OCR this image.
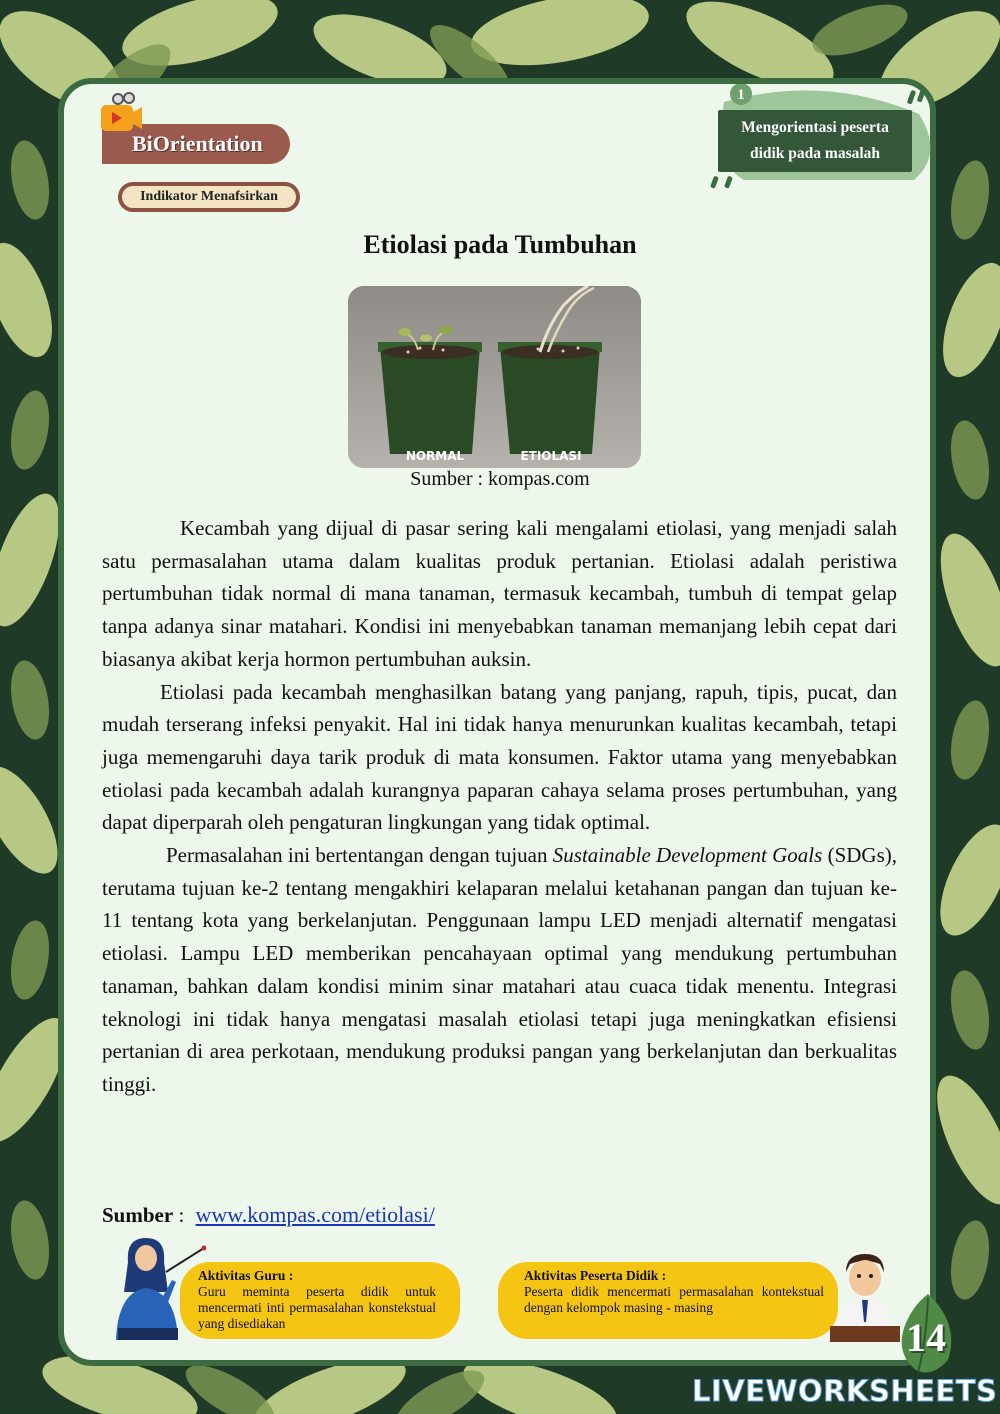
BiOrientation
Indikator Menafsirkan
1
Mengorientasi peserta
didik pada masalah
Etiolasi pada Tumbuhan
NORMAL	ETIOLASI
Sumber : kompas.com

Kecambah yang dijual di pasar sering kali mengalami etiolasi, yang menjadi salah satu permasalahan utama dalam kualitas produk pertanian. Etiolasi adalah peristiwa pertumbuhan tidak normal di mana tanaman, termasuk kecambah, tumbuh di tempat gelap tanpa adanya sinar matahari. Kondisi ini menyebabkan tanaman memanjang lebih cepat dari biasanya akibat kerja hormon pertumbuhan auksin.

Etiolasi pada kecambah menghasilkan batang yang panjang, rapuh, tipis, pucat, dan mudah terserang infeksi penyakit. Hal ini tidak hanya menurunkan kualitas kecambah, tetapi juga memengaruhi daya tarik produk di mata konsumen. Faktor utama yang menyebabkan etiolasi pada kecambah adalah kurangnya paparan cahaya selama proses pertumbuhan, yang dapat diperparah oleh pengaturan lingkungan yang tidak optimal.

Permasalahan ini bertentangan dengan tujuan Sustainable Development Goals (SDGs), terutama tujuan ke-2 tentang mengakhiri kelaparan melalui ketahanan pangan dan tujuan ke-11 tentang kota yang berkelanjutan. Penggunaan lampu LED menjadi alternatif mengatasi etiolasi. Lampu LED memberikan pencahayaan optimal yang mendukung pertumbuhan tanaman, bahkan dalam kondisi minim sinar matahari atau cuaca tidak menentu. Integrasi teknologi ini tidak hanya mengatasi masalah etiolasi tetapi juga meningkatkan efisiensi pertanian di area perkotaan, mendukung produksi pangan yang berkelanjutan dan berkualitas tinggi.

Sumber : www.kompas.com/etiolasi/
Aktivitas Guru :
Guru meminta peserta didik untuk mencermati inti permasalahan konstekstual yang disediakan
Aktivitas Peserta Didik :
Peserta didik mencermati permasalahan kontekstual dengan kelompok masing - masing
14
LIVEWORKSHEETS
